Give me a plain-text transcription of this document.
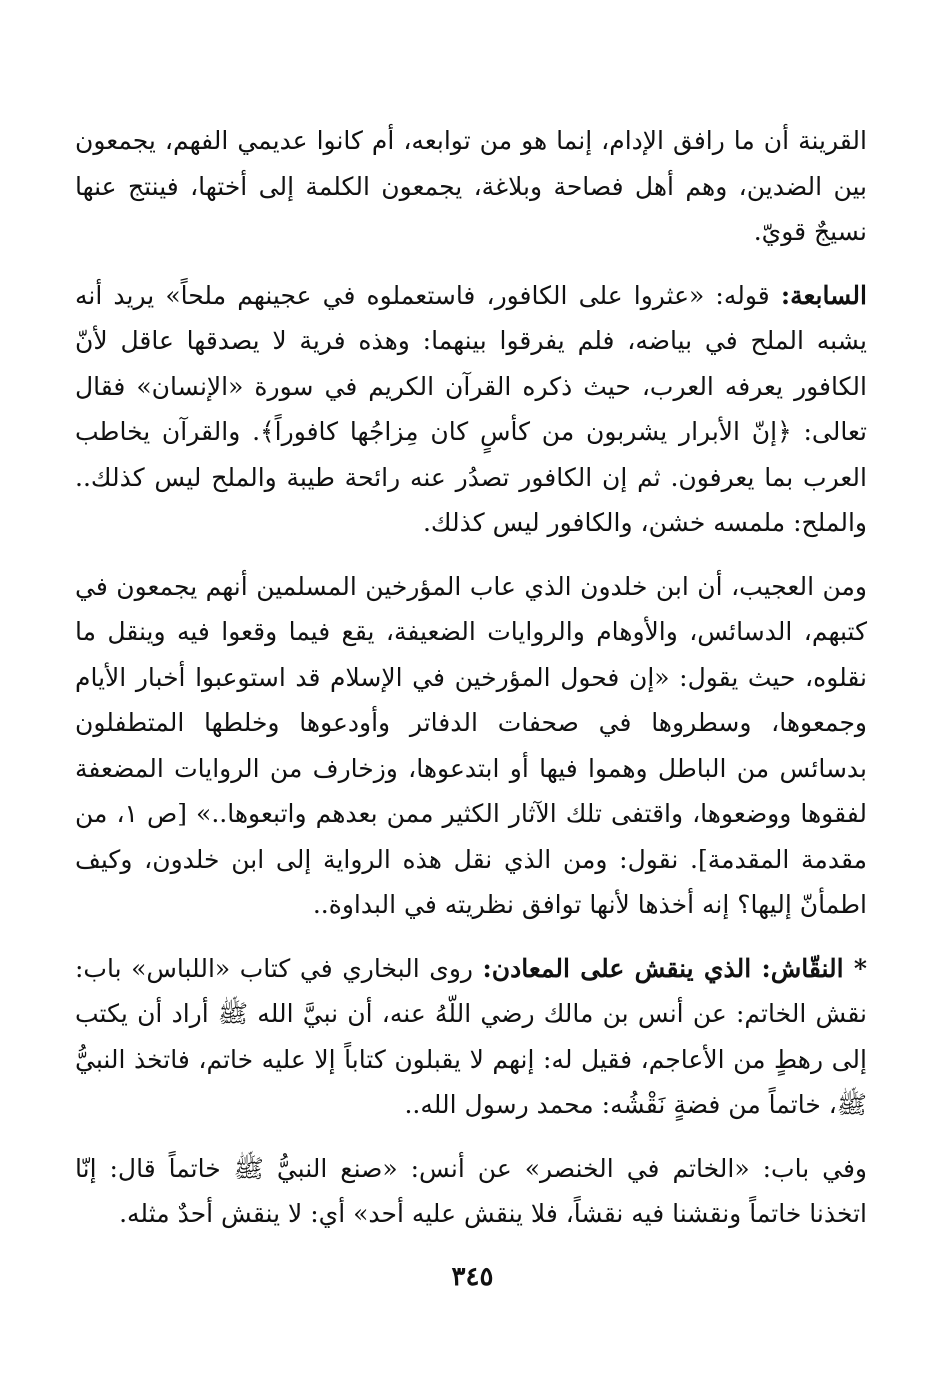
القرينة أن ما رافق الإدام، إنما هو من توابعه، أم كانوا عديمي الفهم، يجمعون بين الضدين، وهم أهل فصاحة وبلاغة، يجمعون الكلمة إلى أختها، فينتج عنها نسيجٌ قويّ.

السابعة: قوله: «عثروا على الكافور، فاستعملوه في عجينهم ملحاً» يريد أنه يشبه الملح في بياضه، فلم يفرقوا بينهما: وهذه فرية لا يصدقها عاقل لأنّ الكافور يعرفه العرب، حيث ذكره القرآن الكريم في سورة «الإنسان» فقال تعالى: ﴿إنّ الأبرار يشربون من كأسٍ كان مِزاجُها كافوراً﴾. والقرآن يخاطب العرب بما يعرفون. ثم إن الكافور تصدُر عنه رائحة طيبة والملح ليس كذلك.. والملح: ملمسه خشن، والكافور ليس كذلك.

ومن العجيب، أن ابن خلدون الذي عاب المؤرخين المسلمين أنهم يجمعون في كتبهم، الدسائس، والأوهام والروايات الضعيفة، يقع فيما وقعوا فيه وينقل ما نقلوه، حيث يقول: «إن فحول المؤرخين في الإسلام قد استوعبوا أخبار الأيام وجمعوها، وسطروها في صحفات الدفاتر وأودعوها وخلطها المتطفلون بدسائس من الباطل وهموا فيها أو ابتدعوها، وزخارف من الروايات المضعفة لفقوها ووضعوها، واقتفى تلك الآثار الكثير ممن بعدهم واتبعوها..» [ص ١، من مقدمة المقدمة]. نقول: ومن الذي نقل هذه الرواية إلى ابن خلدون، وكيف اطمأنّ إليها؟ إنه أخذها لأنها توافق نظريته في البداوة..

* النقّاش: الذي ينقش على المعادن: روى البخاري في كتاب «اللباس» باب: نقش الخاتم: عن أنس بن مالك رضي اللّهُ عنه، أن نبيَّ الله ﷺ أراد أن يكتب إلى رهطٍ من الأعاجم، فقيل له: إنهم لا يقبلون كتاباً إلا عليه خاتم، فاتخذ النبيُّ ﷺ، خاتماً من فضةٍ نَقْشُه: محمد رسول الله..

وفي باب: «الخاتم في الخنصر» عن أنس: «صنع النبيُّ ﷺ خاتماً قال: إنّا اتخذنا خاتماً ونقشنا فيه نقشاً، فلا ينقش عليه أحد» أي: لا ينقش أحدٌ مثله.

٣٤٥
